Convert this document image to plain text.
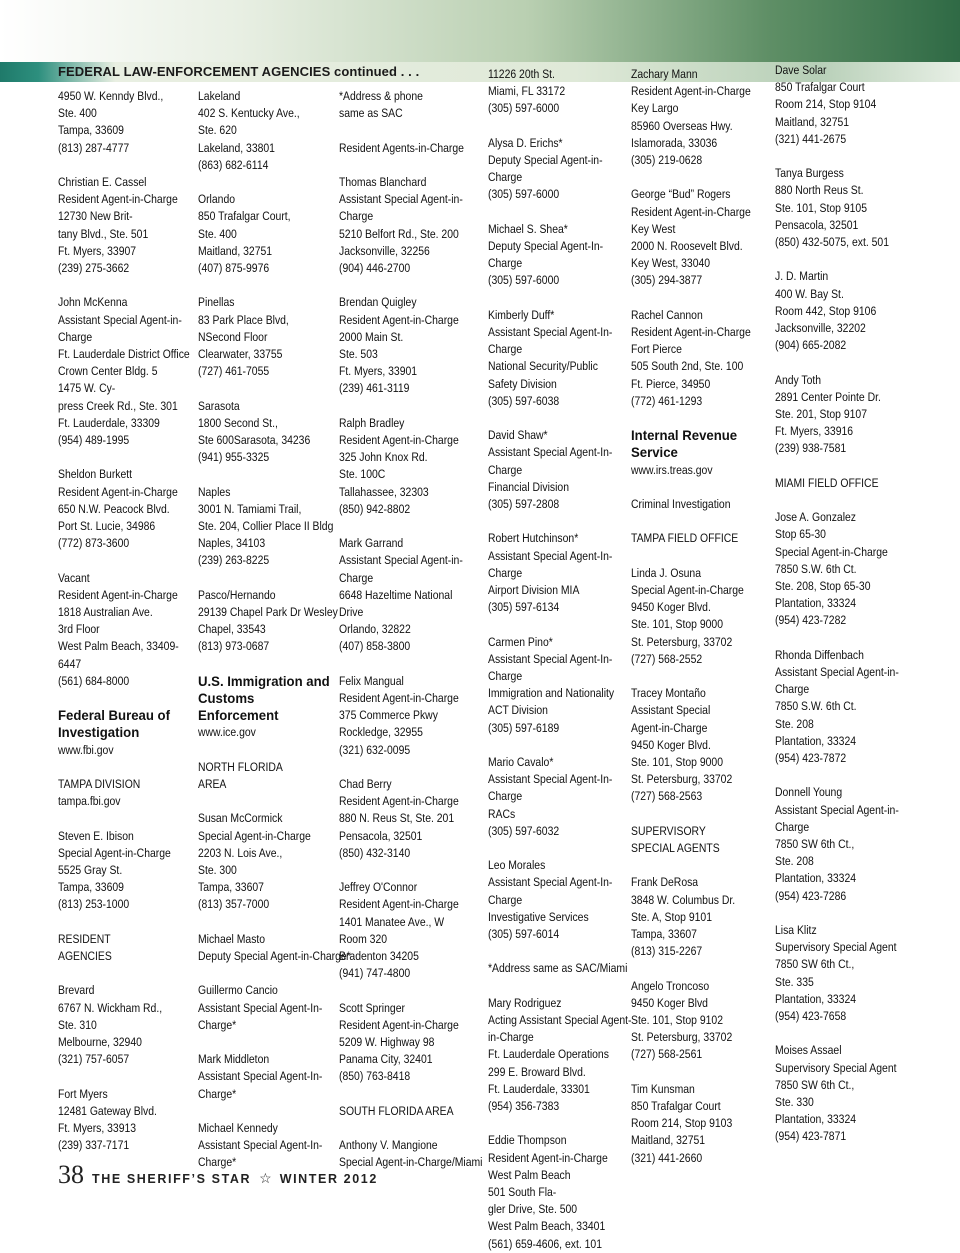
FEDERAL LAW-ENFORCEMENT AGENCIES continued . . .
4950 W. Kenndy Blvd.,
Ste. 400
Tampa, 33609
(813) 287-4777
Christian E. Cassel
Resident Agent-in-Charge
12730 New Brit-
tany Blvd., Ste. 501
Ft. Myers, 33907
(239) 275-3662
John McKenna
Assistant Special Agent-in-
Charge
Ft. Lauderdale District Office
Crown Center Bldg. 5
1475 W. Cy-
press Creek Rd., Ste. 301
Ft. Lauderdale, 33309
(954) 489-1995
Sheldon Burkett
Resident Agent-in-Charge
650 N.W. Peacock Blvd.
Port St. Lucie, 34986
(772) 873-3600
Vacant
Resident Agent-in-Charge
1818 Australian Ave.
3rd Floor
West Palm Beach, 33409-
6447
(561) 684-8000
Federal Bureau of
Investigation
www.fbi.gov
TAMPA DIVISION
tampa.fbi.gov
Steven E. Ibison
Special Agent-in-Charge
5525 Gray St.
Tampa, 33609
(813) 253-1000
RESIDENT
AGENCIES
Brevard
6767 N. Wickham Rd.,
Ste. 310
Melbourne, 32940
(321) 757-6057
Fort Myers
12481 Gateway Blvd.
Ft. Myers, 33913
(239) 337-7171
Lakeland
402 S. Kentucky Ave.,
Ste. 620
Lakeland, 33801
(863) 682-6114
Orlando
850 Trafalgar Court,
Ste. 400
Maitland, 32751
(407) 875-9976
Pinellas
83 Park Place Blvd,
NSecond Floor
Clearwater, 33755
(727) 461-7055
Sarasota
1800 Second St.,
Ste 600Sarasota, 34236
(941) 955-3325
Naples
3001 N. Tamiami Trail,
Ste. 204, Collier Place II Bldg
Naples, 34103
(239) 263-8225
Pasco/Hernando
29139 Chapel Park Dr Wesley
Chapel, 33543
(813) 973-0687
U.S. Immigration and
Customs
Enforcement
www.ice.gov
NORTH FLORIDA
AREA
Susan McCormick
Special Agent-in-Charge
2203 N. Lois Ave.,
Ste. 300
Tampa, 33607
(813) 357-7000
Michael Masto
Deputy Special Agent-in-Charge*
Guillermo Cancio
Assistant Special Agent-In-
Charge*
Mark Middleton
Assistant Special Agent-In-
Charge*
Michael Kennedy
Assistant Special Agent-In-
Charge*
*Address & phone
same as SAC
Resident Agents-in-Charge
Thomas Blanchard
Assistant Special Agent-in-
Charge
5210 Belfort Rd., Ste. 200
Jacksonville, 32256
(904) 446-2700
Brendan Quigley
Resident Agent-in-Charge
2000 Main St.
Ste. 503
Ft. Myers, 33901
(239) 461-3119
Ralph Bradley
Resident Agent-in-Charge
325 John Knox Rd.
Ste. 100C
Tallahassee, 32303
(850) 942-8802
Mark Garrand
Assistant Special Agent-in-
Charge
6648 Hazeltime National
Drive
Orlando, 32822
(407) 858-3800
Felix Mangual
Resident Agent-in-Charge
375 Commerce Pkwy
Rockledge, 32955
(321) 632-0095
Chad Berry
Resident Agent-in-Charge
880 N. Reus St, Ste. 201
Pensacola, 32501
(850) 432-3140
Jeffrey O'Connor
Resident Agent-in-Charge
1401 Manatee Ave., W
Room 320
Bradenton 34205
(941) 747-4800
Scott Springer
Resident Agent-in-Charge
5209 W. Highway 98
Panama City, 32401
(850) 763-8418
SOUTH FLORIDA AREA
Anthony V. Mangione
Special Agent-in-Charge/Miami
11226 20th St.
Miami, FL 33172
(305) 597-6000
Alysa D. Erichs*
Deputy Special Agent-in-
Charge
(305) 597-6000
Michael S. Shea*
Deputy Special Agent-In-
Charge
(305) 597-6000
Kimberly Duff*
Assistant Special Agent-In-
Charge
National Security/Public
Safety Division
(305) 597-6038
David Shaw*
Assistant Special Agent-In-
Charge
Financial Division
(305) 597-2808
Robert Hutchinson*
Assistant Special Agent-In-
Charge
Airport Division MIA
(305) 597-6134
Carmen Pino*
Assistant Special Agent-In-
Charge
Immigration and Nationality
ACT Division
(305) 597-6189
Mario Cavalo*
Assistant Special Agent-In-
Charge
RACs
(305) 597-6032
Leo Morales
Assistant Special Agent-In-
Charge
Investigative Services
(305) 597-6014
*Address same as SAC/Miami
Mary Rodriguez
Acting Assistant Special Agent-
in-Charge
Ft. Lauderdale Operations
299 E. Broward Blvd.
Ft. Lauderdale, 33301
(954) 356-7383
Eddie Thompson
Resident Agent-in-Charge
West Palm Beach
501 South Fla-
gler Drive, Ste. 500
West Palm Beach, 33401
(561) 659-4606, ext. 101
Zachary Mann
Resident Agent-in-Charge
Key Largo
85960 Overseas Hwy.
Islamorada, 33036
(305) 219-0628
George “Bud” Rogers
Resident Agent-in-Charge
Key West
2000 N. Roosevelt Blvd.
Key West, 33040
(305) 294-3877
Rachel Cannon
Resident Agent-in-Charge
Fort Pierce
505 South 2nd, Ste. 100
Ft. Pierce, 34950
(772) 461-1293
Internal Revenue
Service
www.irs.treas.gov
Criminal Investigation
TAMPA FIELD OFFICE
Linda J. Osuna
Special Agent-in-Charge
9450 Koger Blvd.
Ste. 101, Stop 9000
St. Petersburg, 33702
(727) 568-2552
Tracey Montaño
Assistant Special
Agent-in-Charge
9450 Koger Blvd.
Ste. 101, Stop 9000
St. Petersburg, 33702
(727) 568-2563
SUPERVISORY
SPECIAL AGENTS
Frank DeRosa
3848 W. Columbus Dr.
Ste. A, Stop 9101
Tampa, 33607
(813) 315-2267
Angelo Troncoso
9450 Koger Blvd
Ste. 101, Stop 9102
St. Petersburg, 33702
(727) 568-2561
Tim Kunsman
850 Trafalgar Court
Room 214, Stop 9103
Maitland, 32751
(321) 441-2660
Dave Solar
850 Trafalgar Court
Room 214, Stop 9104
Maitland, 32751
(321) 441-2675
Tanya Burgess
880 North Reus St.
Ste. 101, Stop 9105
Pensacola, 32501
(850) 432-5075, ext. 501
J. D. Martin
400 W. Bay St.
Room 442, Stop 9106
Jacksonville, 32202
(904) 665-2082
Andy Toth
2891 Center Pointe Dr.
Ste. 201, Stop 9107
Ft. Myers, 33916
(239) 938-7581
MIAMI FIELD OFFICE
Jose A. Gonzalez
Stop 65-30
Special Agent-in-Charge
7850 S.W. 6th Ct.
Ste. 208, Stop 65-30
Plantation, 33324
(954) 423-7282
Rhonda Diffenbach
Assistant Special Agent-in-
Charge
7850 S.W. 6th Ct.
Ste. 208
Plantation, 33324
(954) 423-7872
Donnell Young
Assistant Special Agent-in-
Charge
7850 SW 6th Ct.,
Ste. 208
Plantation, 33324
(954) 423-7286
Lisa Klitz
Supervisory Special Agent
7850 SW 6th Ct.,
Ste. 335
Plantation, 33324
(954) 423-7658
Moises Assael
Supervisory Special Agent
7850 SW 6th Ct.,
Ste. 330
Plantation, 33324
(954) 423-7871
38 THE SHERIFF’S STAR ☆ WINTER 2012
